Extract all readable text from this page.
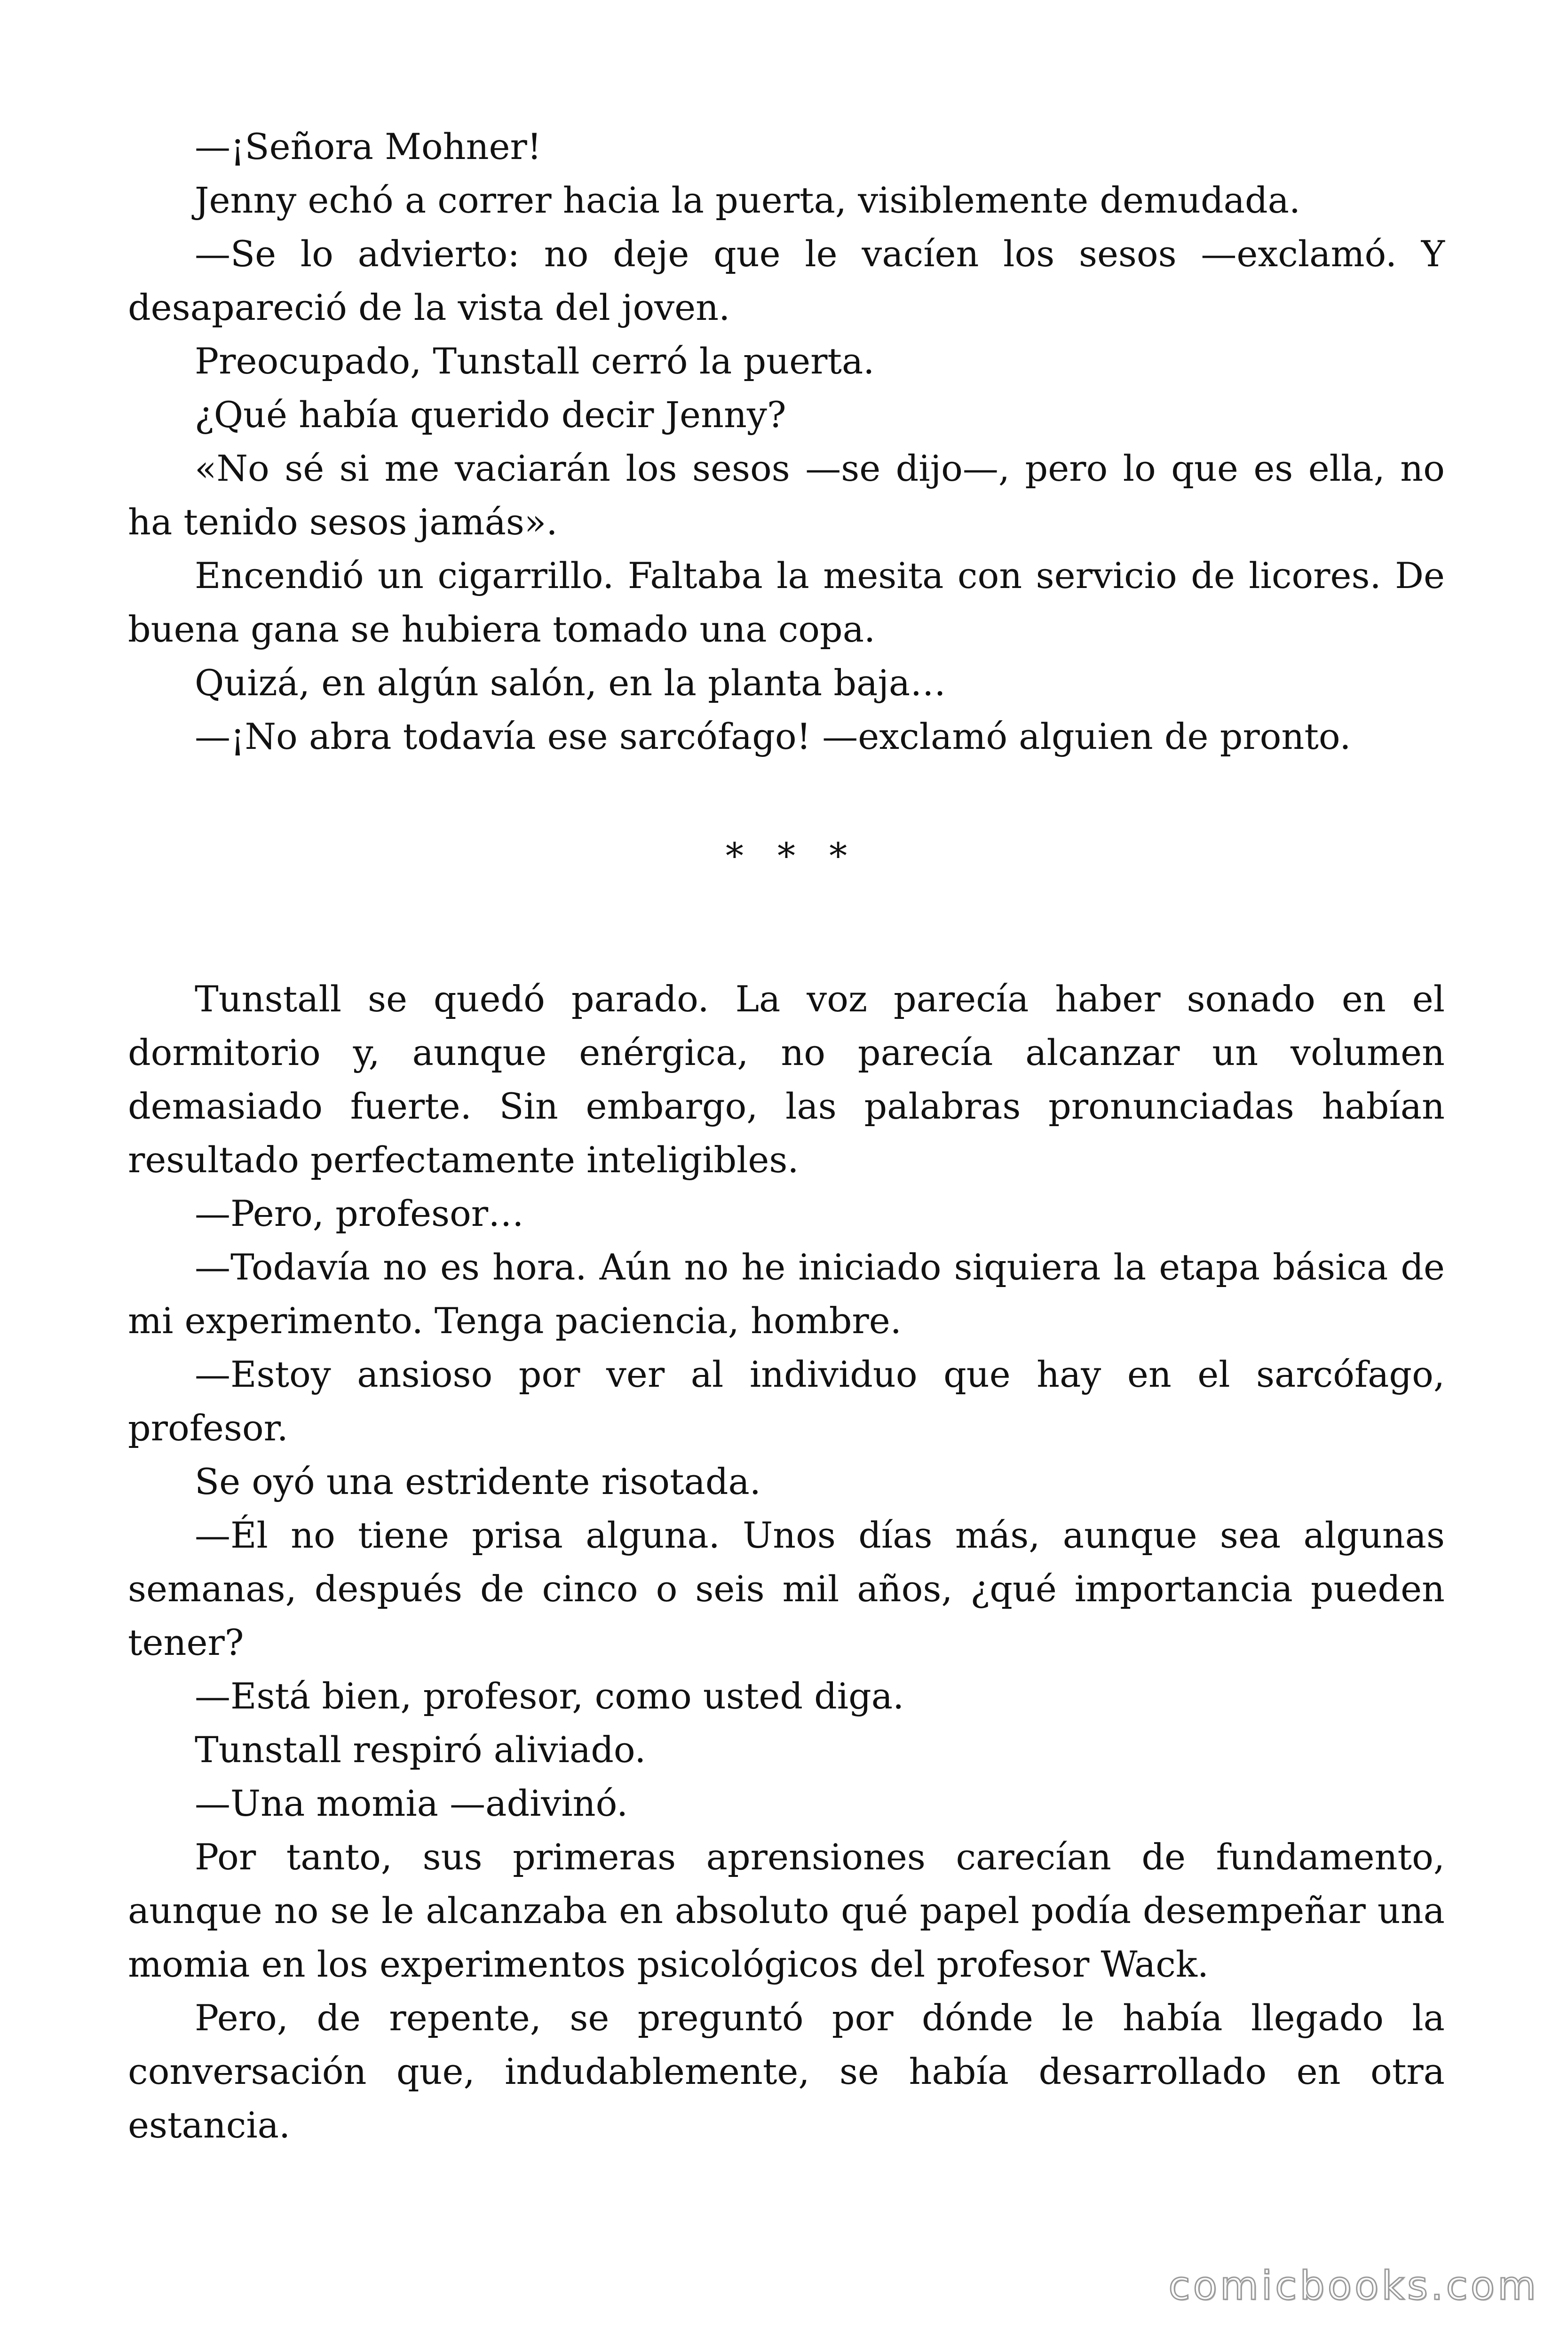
—¡Señora Mohner!

Jenny echó a correr hacia la puerta, visiblemente demudada.

—Se lo advierto: no deje que le vacíen los sesos —exclamó. Y desapareció de la vista del joven.

Preocupado, Tunstall cerró la puerta.

¿Qué había querido decir Jenny?

«No sé si me vaciarán los sesos —se dijo—, pero lo que es ella, no ha tenido sesos jamás».

Encendió un cigarrillo. Faltaba la mesita con servicio de licores. De buena gana se hubiera tomado una copa.

Quizá, en algún salón, en la planta baja…

—¡No abra todavía ese sarcófago! —exclamó alguien de pronto.

* * *

Tunstall se quedó parado. La voz parecía haber sonado en el dormitorio y, aunque enérgica, no parecía alcanzar un volumen demasiado fuerte. Sin embargo, las palabras pronunciadas habían resultado perfectamente inteligibles.

—Pero, profesor…

—Todavía no es hora. Aún no he iniciado siquiera la etapa básica de mi experimento. Tenga paciencia, hombre.

—Estoy ansioso por ver al individuo que hay en el sarcófago, profesor.

Se oyó una estridente risotada.

—Él no tiene prisa alguna. Unos días más, aunque sea algunas semanas, después de cinco o seis mil años, ¿qué importancia pueden tener?

—Está bien, profesor, como usted diga.

Tunstall respiró aliviado.

—Una momia —adivinó.

Por tanto, sus primeras aprensiones carecían de fundamento, aunque no se le alcanzaba en absoluto qué papel podía desempeñar una momia en los experimentos psicológicos del profesor Wack.

Pero, de repente, se preguntó por dónde le había llegado la conversación que, indudablemente, se había desarrollado en otra estancia.

comicbooks.com
